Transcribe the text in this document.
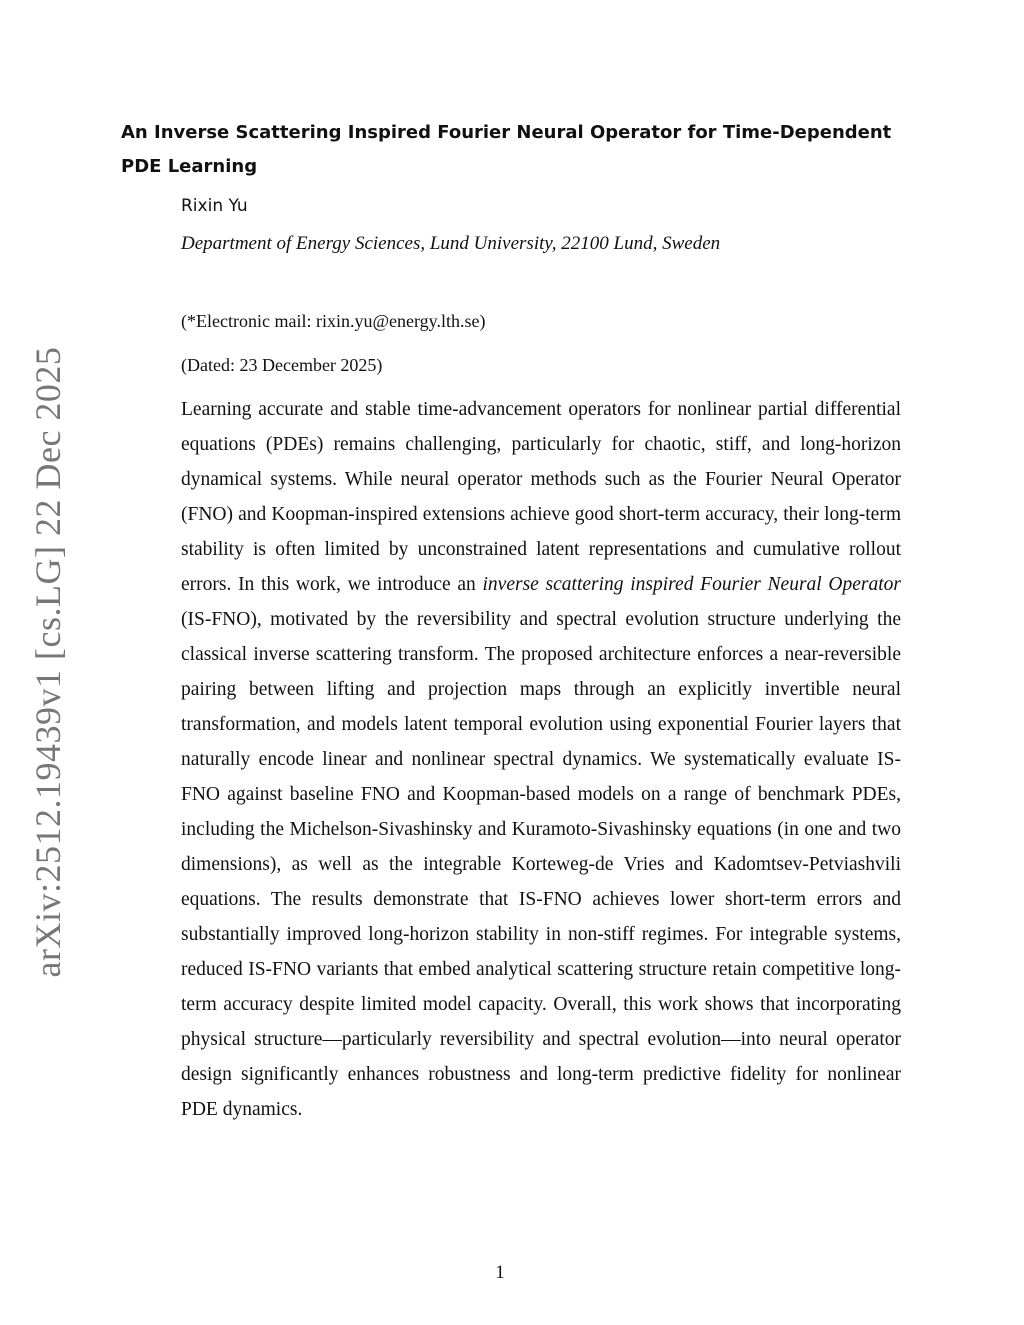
arXiv:2512.19439v1 [cs.LG] 22 Dec 2025
An Inverse Scattering Inspired Fourier Neural Operator for Time-Dependent PDE Learning
Rixin Yu
Department of Energy Sciences, Lund University, 22100 Lund, Sweden
(*Electronic mail: rixin.yu@energy.lth.se)
(Dated: 23 December 2025)

Learning accurate and stable time-advancement operators for nonlinear partial differential equations (PDEs) remains challenging, particularly for chaotic, stiff, and long-horizon dynamical systems. While neural operator methods such as the Fourier Neural Operator (FNO) and Koopman-inspired extensions achieve good short-term accuracy, their long-term stability is often limited by unconstrained latent representations and cumulative rollout errors. In this work, we introduce an inverse scattering inspired Fourier Neural Operator (IS-FNO), motivated by the reversibility and spectral evolution structure underlying the classical inverse scattering transform. The proposed architecture enforces a near-reversible pairing between lifting and projection maps through an explicitly invertible neural transformation, and models latent temporal evolution using exponential Fourier layers that naturally encode linear and nonlinear spectral dynamics. We systematically evaluate IS-FNO against baseline FNO and Koopman-based models on a range of benchmark PDEs, including the Michelson-Sivashinsky and Kuramoto-Sivashinsky equations (in one and two dimensions), as well as the integrable Korteweg-de Vries and Kadomtsev-Petviashvili equations. The results demonstrate that IS-FNO achieves lower short-term errors and substantially improved long-horizon stability in non-stiff regimes. For integrable systems, reduced IS-FNO variants that embed analytical scattering structure retain competitive long-term accuracy despite limited model capacity. Overall, this work shows that incorporating physical structure—particularly reversibility and spectral evolution—into neural operator design significantly enhances robustness and long-term predictive fidelity for nonlinear PDE dynamics.

1
